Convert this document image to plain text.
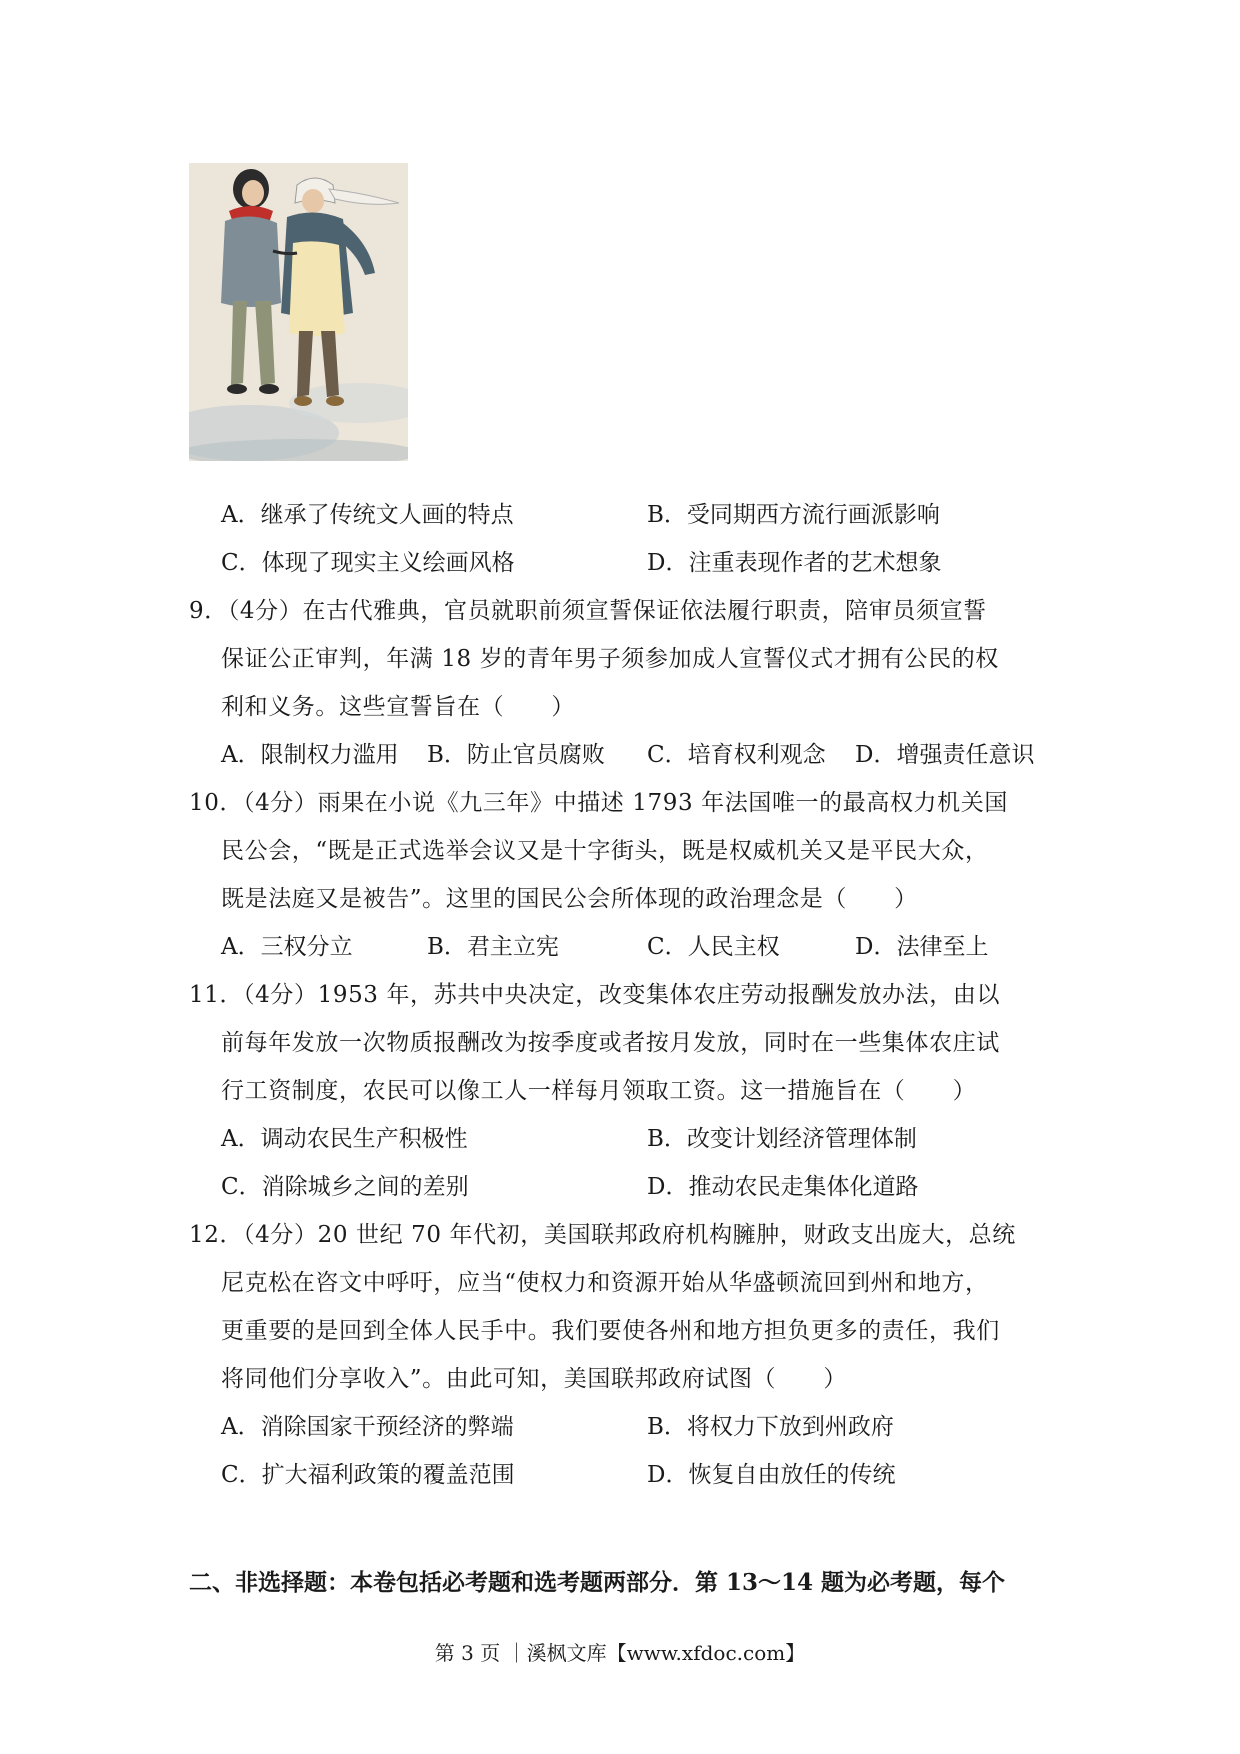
A．继承了传统文人画的特点	B．受同期西方流行画派影响
C．体现了现实主义绘画风格	D．注重表现作者的艺术想象
9．（4分）在古代雅典，官员就职前须宣誓保证依法履行职责，陪审员须宣誓
保证公正审判，年满 18 岁的青年男子须参加成人宣誓仪式才拥有公民的权
利和义务。这些宣誓旨在（　　）
A．限制权力滥用 B．防止官员腐败 C．培育权利观念 D．增强责任意识
10．（4分）雨果在小说《九三年》中描述 1793 年法国唯一的最高权力机关国
民公会，“既是正式选举会议又是十字街头，既是权威机关又是平民大众，
既是法庭又是被告”。这里的国民公会所体现的政治理念是（　　）
A．三权分立	B．君主立宪	C．人民主权	D．法律至上
11．（4分）1953 年，苏共中央决定，改变集体农庄劳动报酬发放办法，由以
前每年发放一次物质报酬改为按季度或者按月发放，同时在一些集体农庄试
行工资制度，农民可以像工人一样每月领取工资。这一措施旨在（　　）
A．调动农民生产积极性	B．改变计划经济管理体制
C．消除城乡之间的差别	D．推动农民走集体化道路
12．（4分）20 世纪 70 年代初，美国联邦政府机构臃肿，财政支出庞大，总统
尼克松在咨文中呼吁，应当“使权力和资源开始从华盛顿流回到州和地方，
更重要的是回到全体人民手中。我们要使各州和地方担负更多的责任，我们
将同他们分享收入”。由此可知，美国联邦政府试图（　　）
A．消除国家干预经济的弊端	B．将权力下放到州政府
C．扩大福利政策的覆盖范围	D．恢复自由放任的传统
二、非选择题：本卷包括必考题和选考题两部分．第 13～14 题为必考题，每个
第 3 页 ｜溪枫文库【www.xfdoc.com】
